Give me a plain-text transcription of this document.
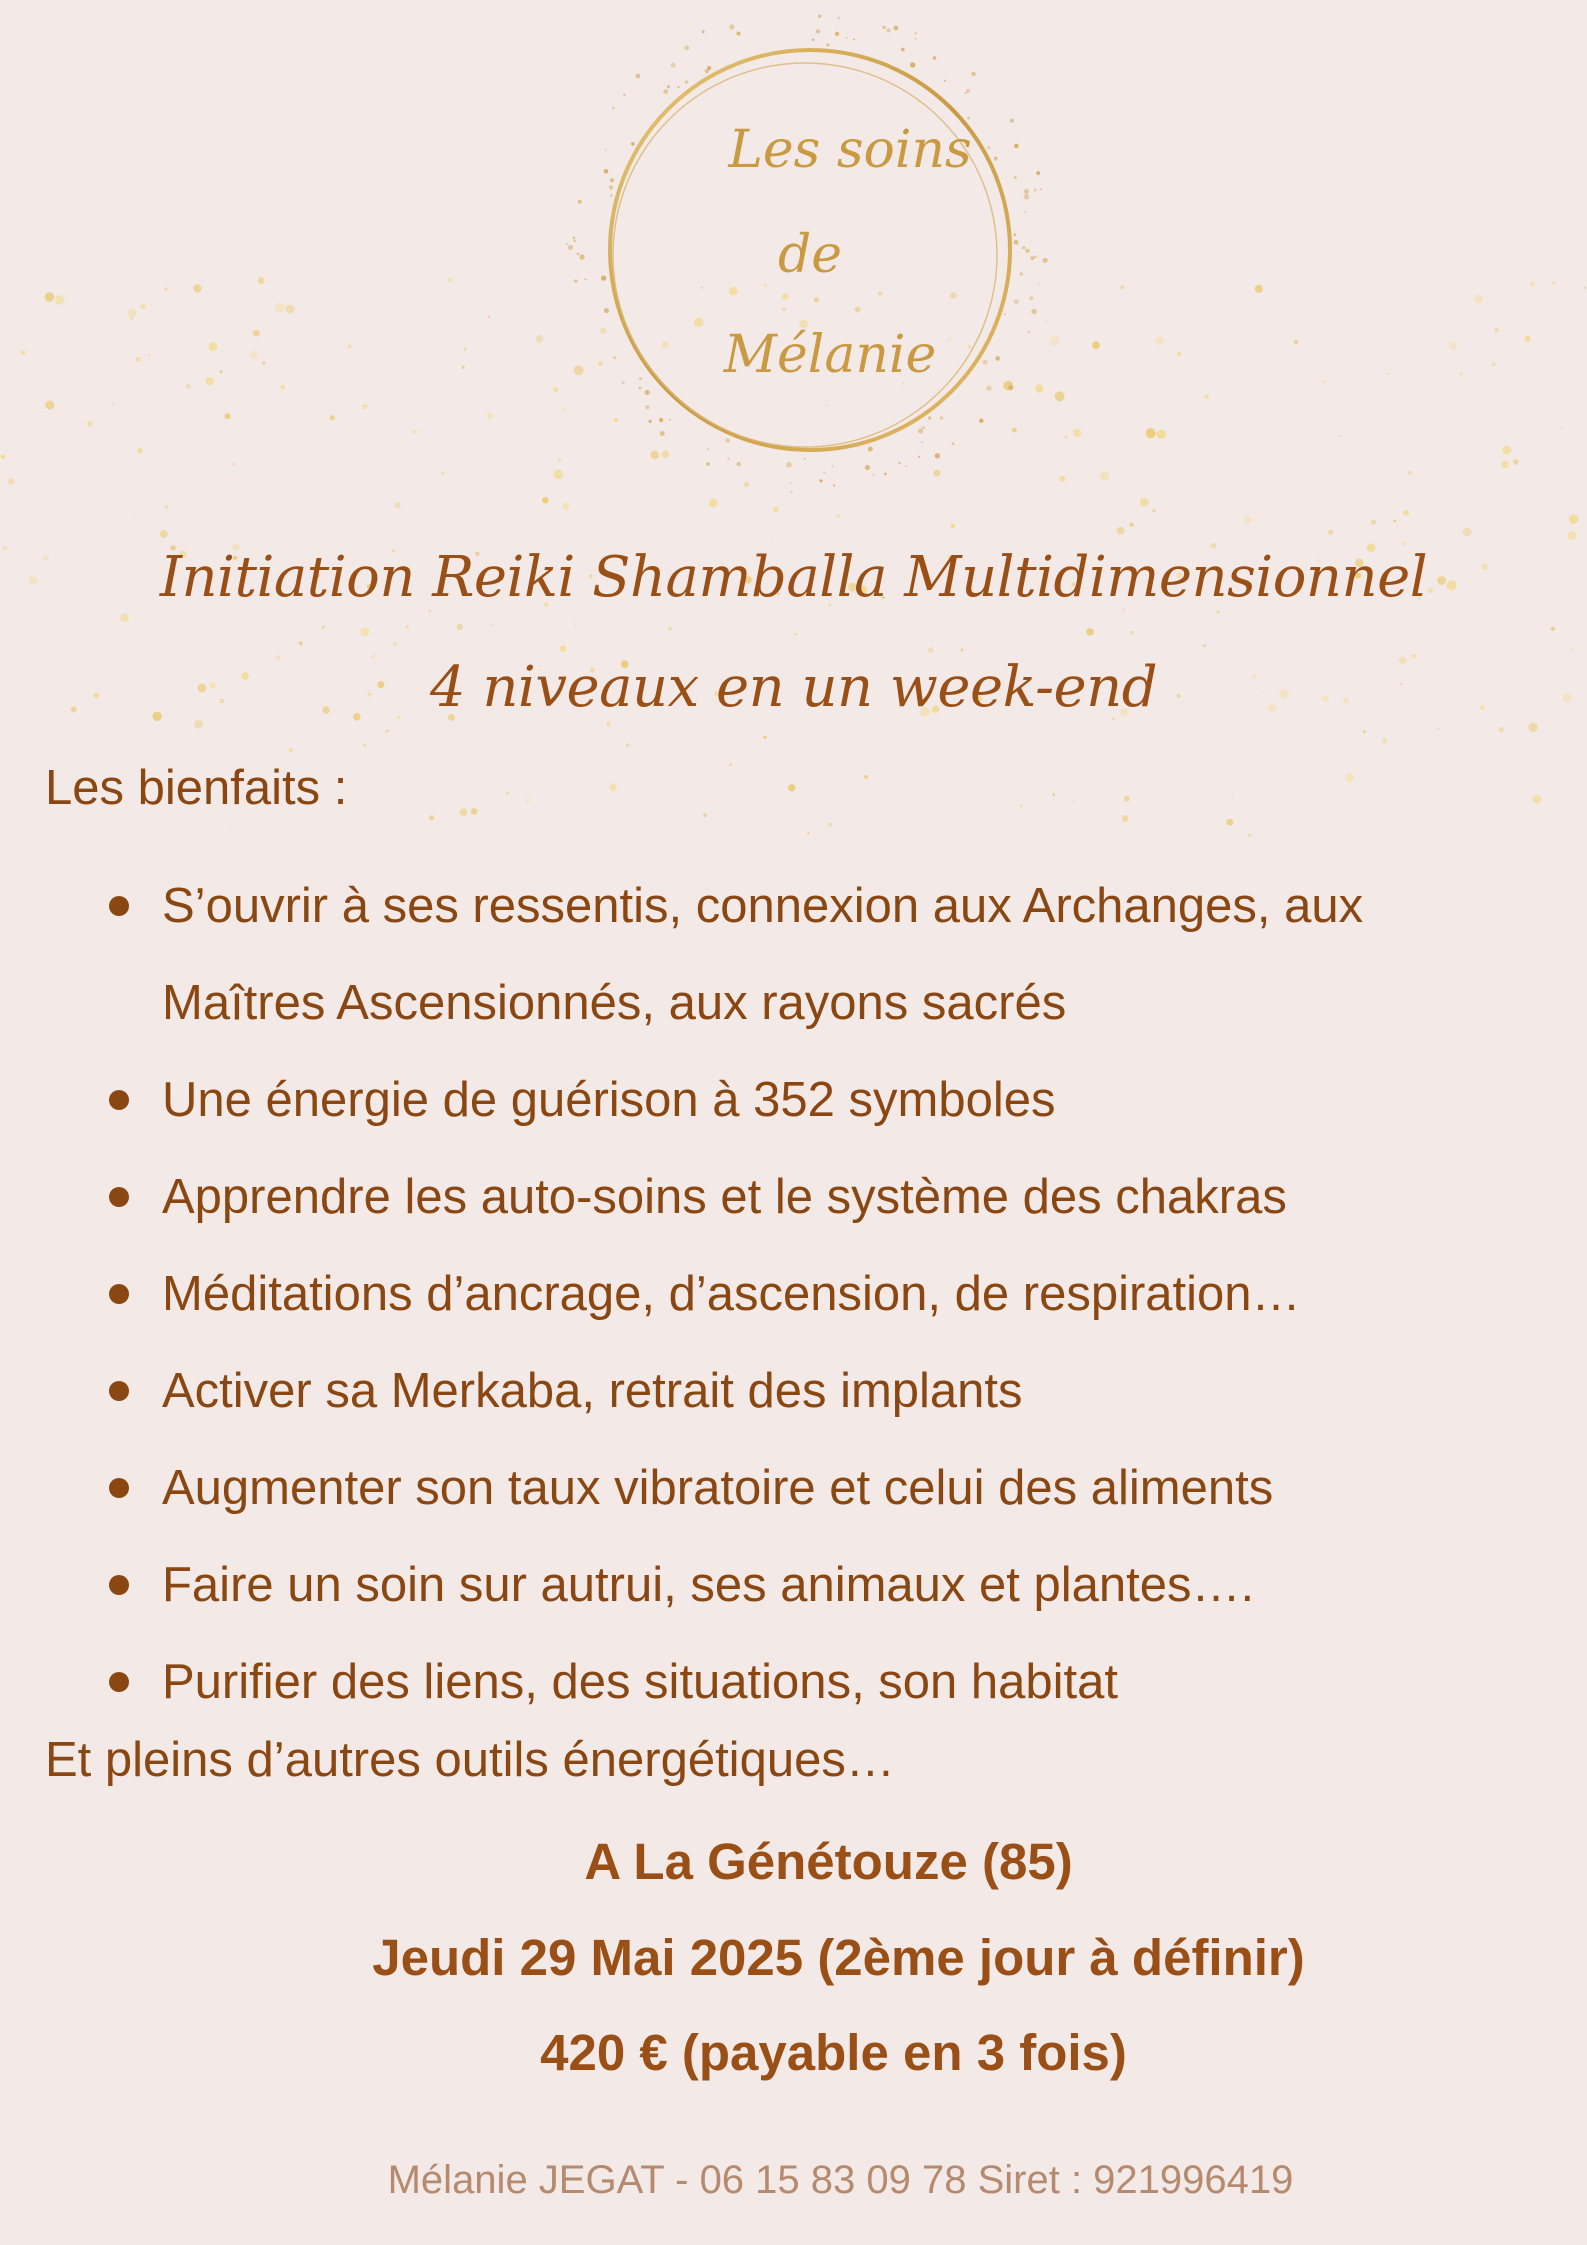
Les soins
de
Mélanie
Initiation Reiki Shamballa Multidimensionnel
4 niveaux en un week-end
Les bienfaits :
S’ouvrir à ses ressentis, connexion aux Archanges, aux
Maîtres Ascensionnés, aux rayons sacrés
Une énergie de guérison à 352 symboles
Apprendre les auto-soins et le système des chakras
Méditations d’ancrage, d’ascension, de respiration…
Activer sa Merkaba, retrait des implants
Augmenter son taux vibratoire et celui des aliments
Faire un soin sur autrui, ses animaux et plantes….
Purifier des liens, des situations, son habitat
Et pleins d’autres outils énergétiques…
A La Génétouze (85)
Jeudi 29 Mai 2025 (2ème jour à définir)
420 € (payable en 3 fois)
Mélanie JEGAT - 06 15 83 09 78 Siret : 921996419
